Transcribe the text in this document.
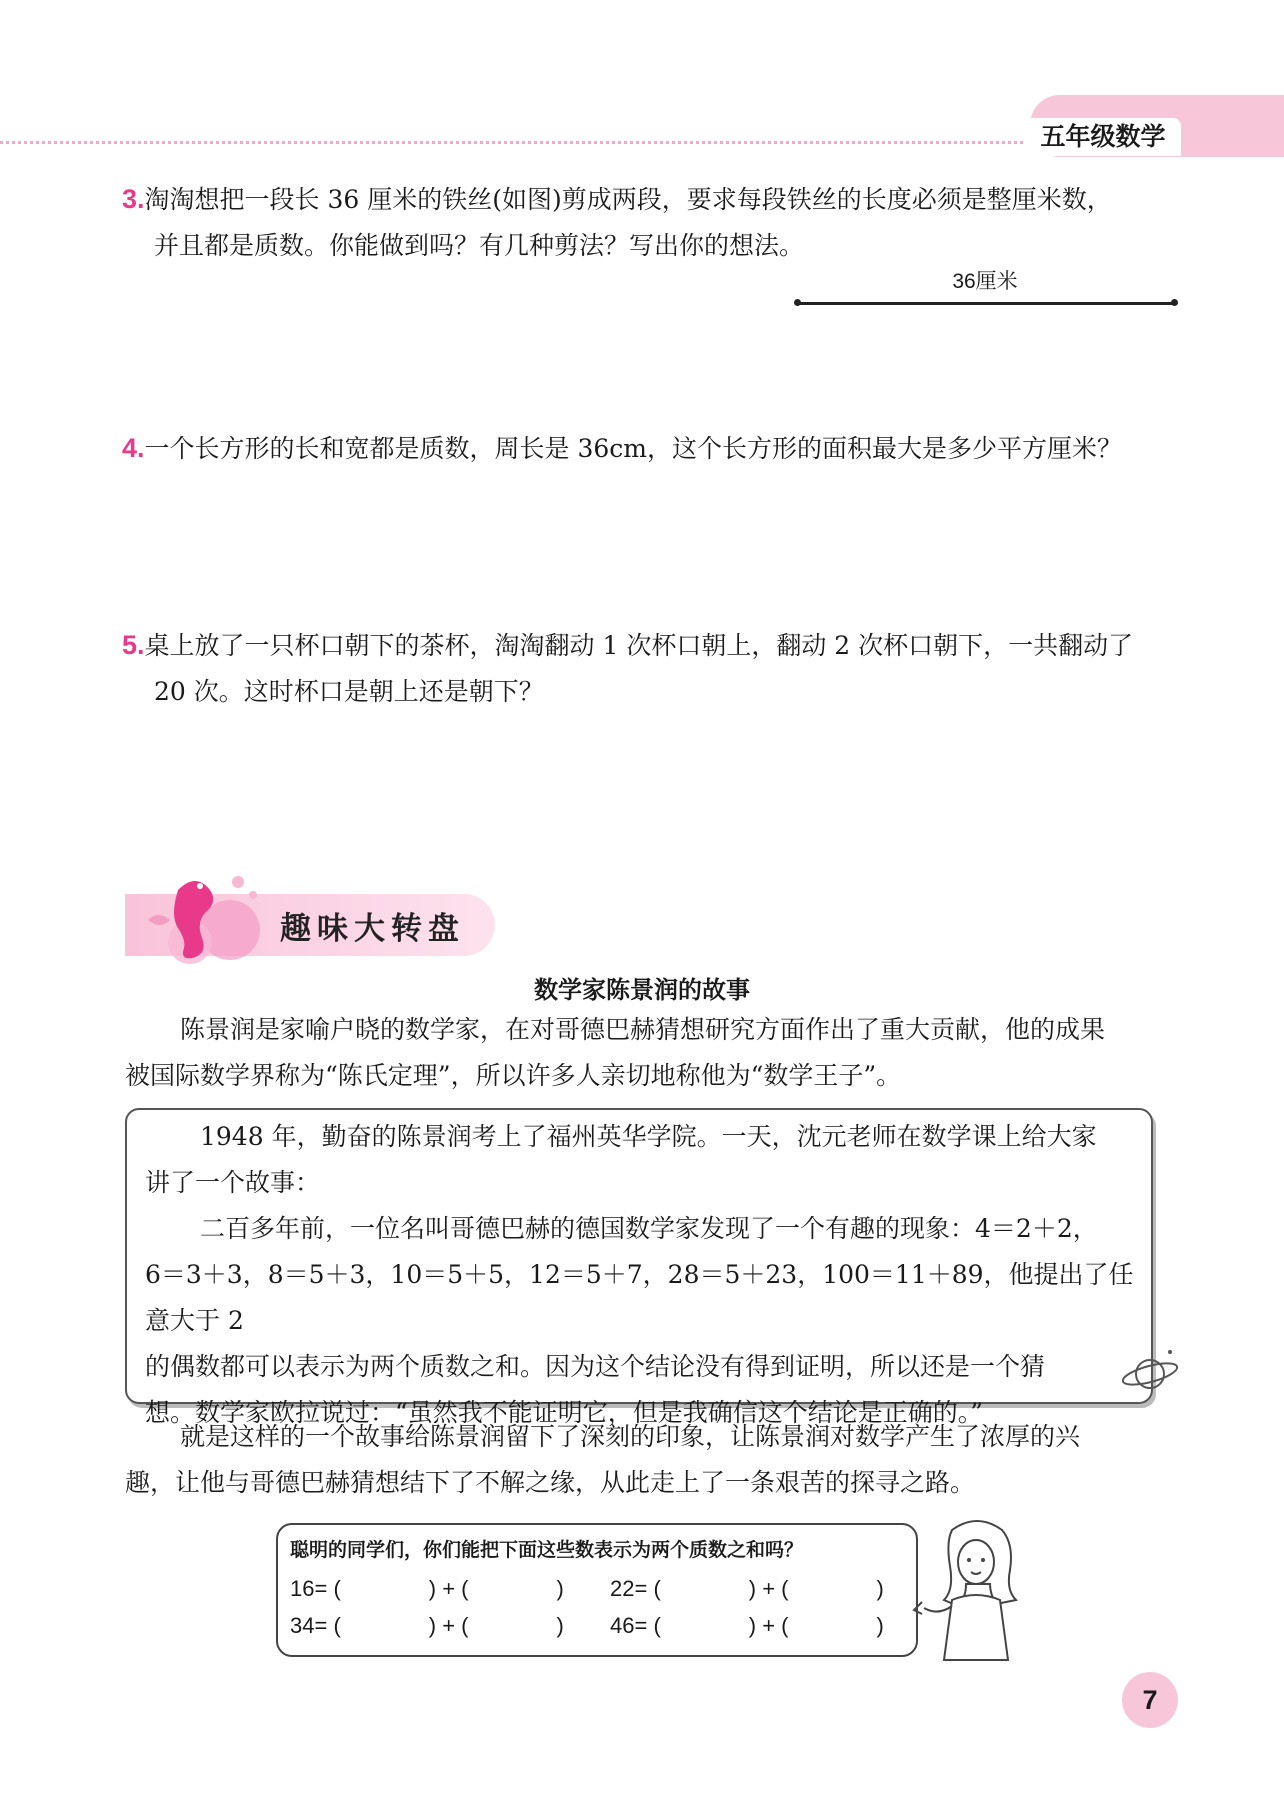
五年级数学
3.淘淘想把一段长 36 厘米的铁丝(如图)剪成两段，要求每段铁丝的长度必须是整厘米数，
并且都是质数。你能做到吗？有几种剪法？写出你的想法。
36厘米
4.一个长方形的长和宽都是质数，周长是 36cm，这个长方形的面积最大是多少平方厘米？
5.桌上放了一只杯口朝下的茶杯，淘淘翻动 1 次杯口朝上，翻动 2 次杯口朝下，一共翻动了
20 次。这时杯口是朝上还是朝下？
趣味大转盘
数学家陈景润的故事
陈景润是家喻户晓的数学家，在对哥德巴赫猜想研究方面作出了重大贡献，他的成果
被国际数学界称为“陈氏定理”，所以许多人亲切地称他为“数学王子”。
1948 年，勤奋的陈景润考上了福州英华学院。一天，沈元老师在数学课上给大家
讲了一个故事：
二百多年前，一位名叫哥德巴赫的德国数学家发现了一个有趣的现象：4＝2＋2，
6＝3＋3，8＝5＋3，10＝5＋5，12＝5＋7，28＝5＋23，100＝11＋89，他提出了任意大于 2
的偶数都可以表示为两个质数之和。因为这个结论没有得到证明，所以还是一个猜
想。数学家欧拉说过：“虽然我不能证明它，但是我确信这个结论是正确的。”
就是这样的一个故事给陈景润留下了深刻的印象，让陈景润对数学产生了浓厚的兴
趣，让他与哥德巴赫猜想结下了不解之缘，从此走上了一条艰苦的探寻之路。
聪明的同学们，你们能把下面这些数表示为两个质数之和吗？
16= (　　　　) + (　　　　) 22= (　　　　) + (　　　　)
34= (　　　　) + (　　　　) 46= (　　　　) + (　　　　)
7
